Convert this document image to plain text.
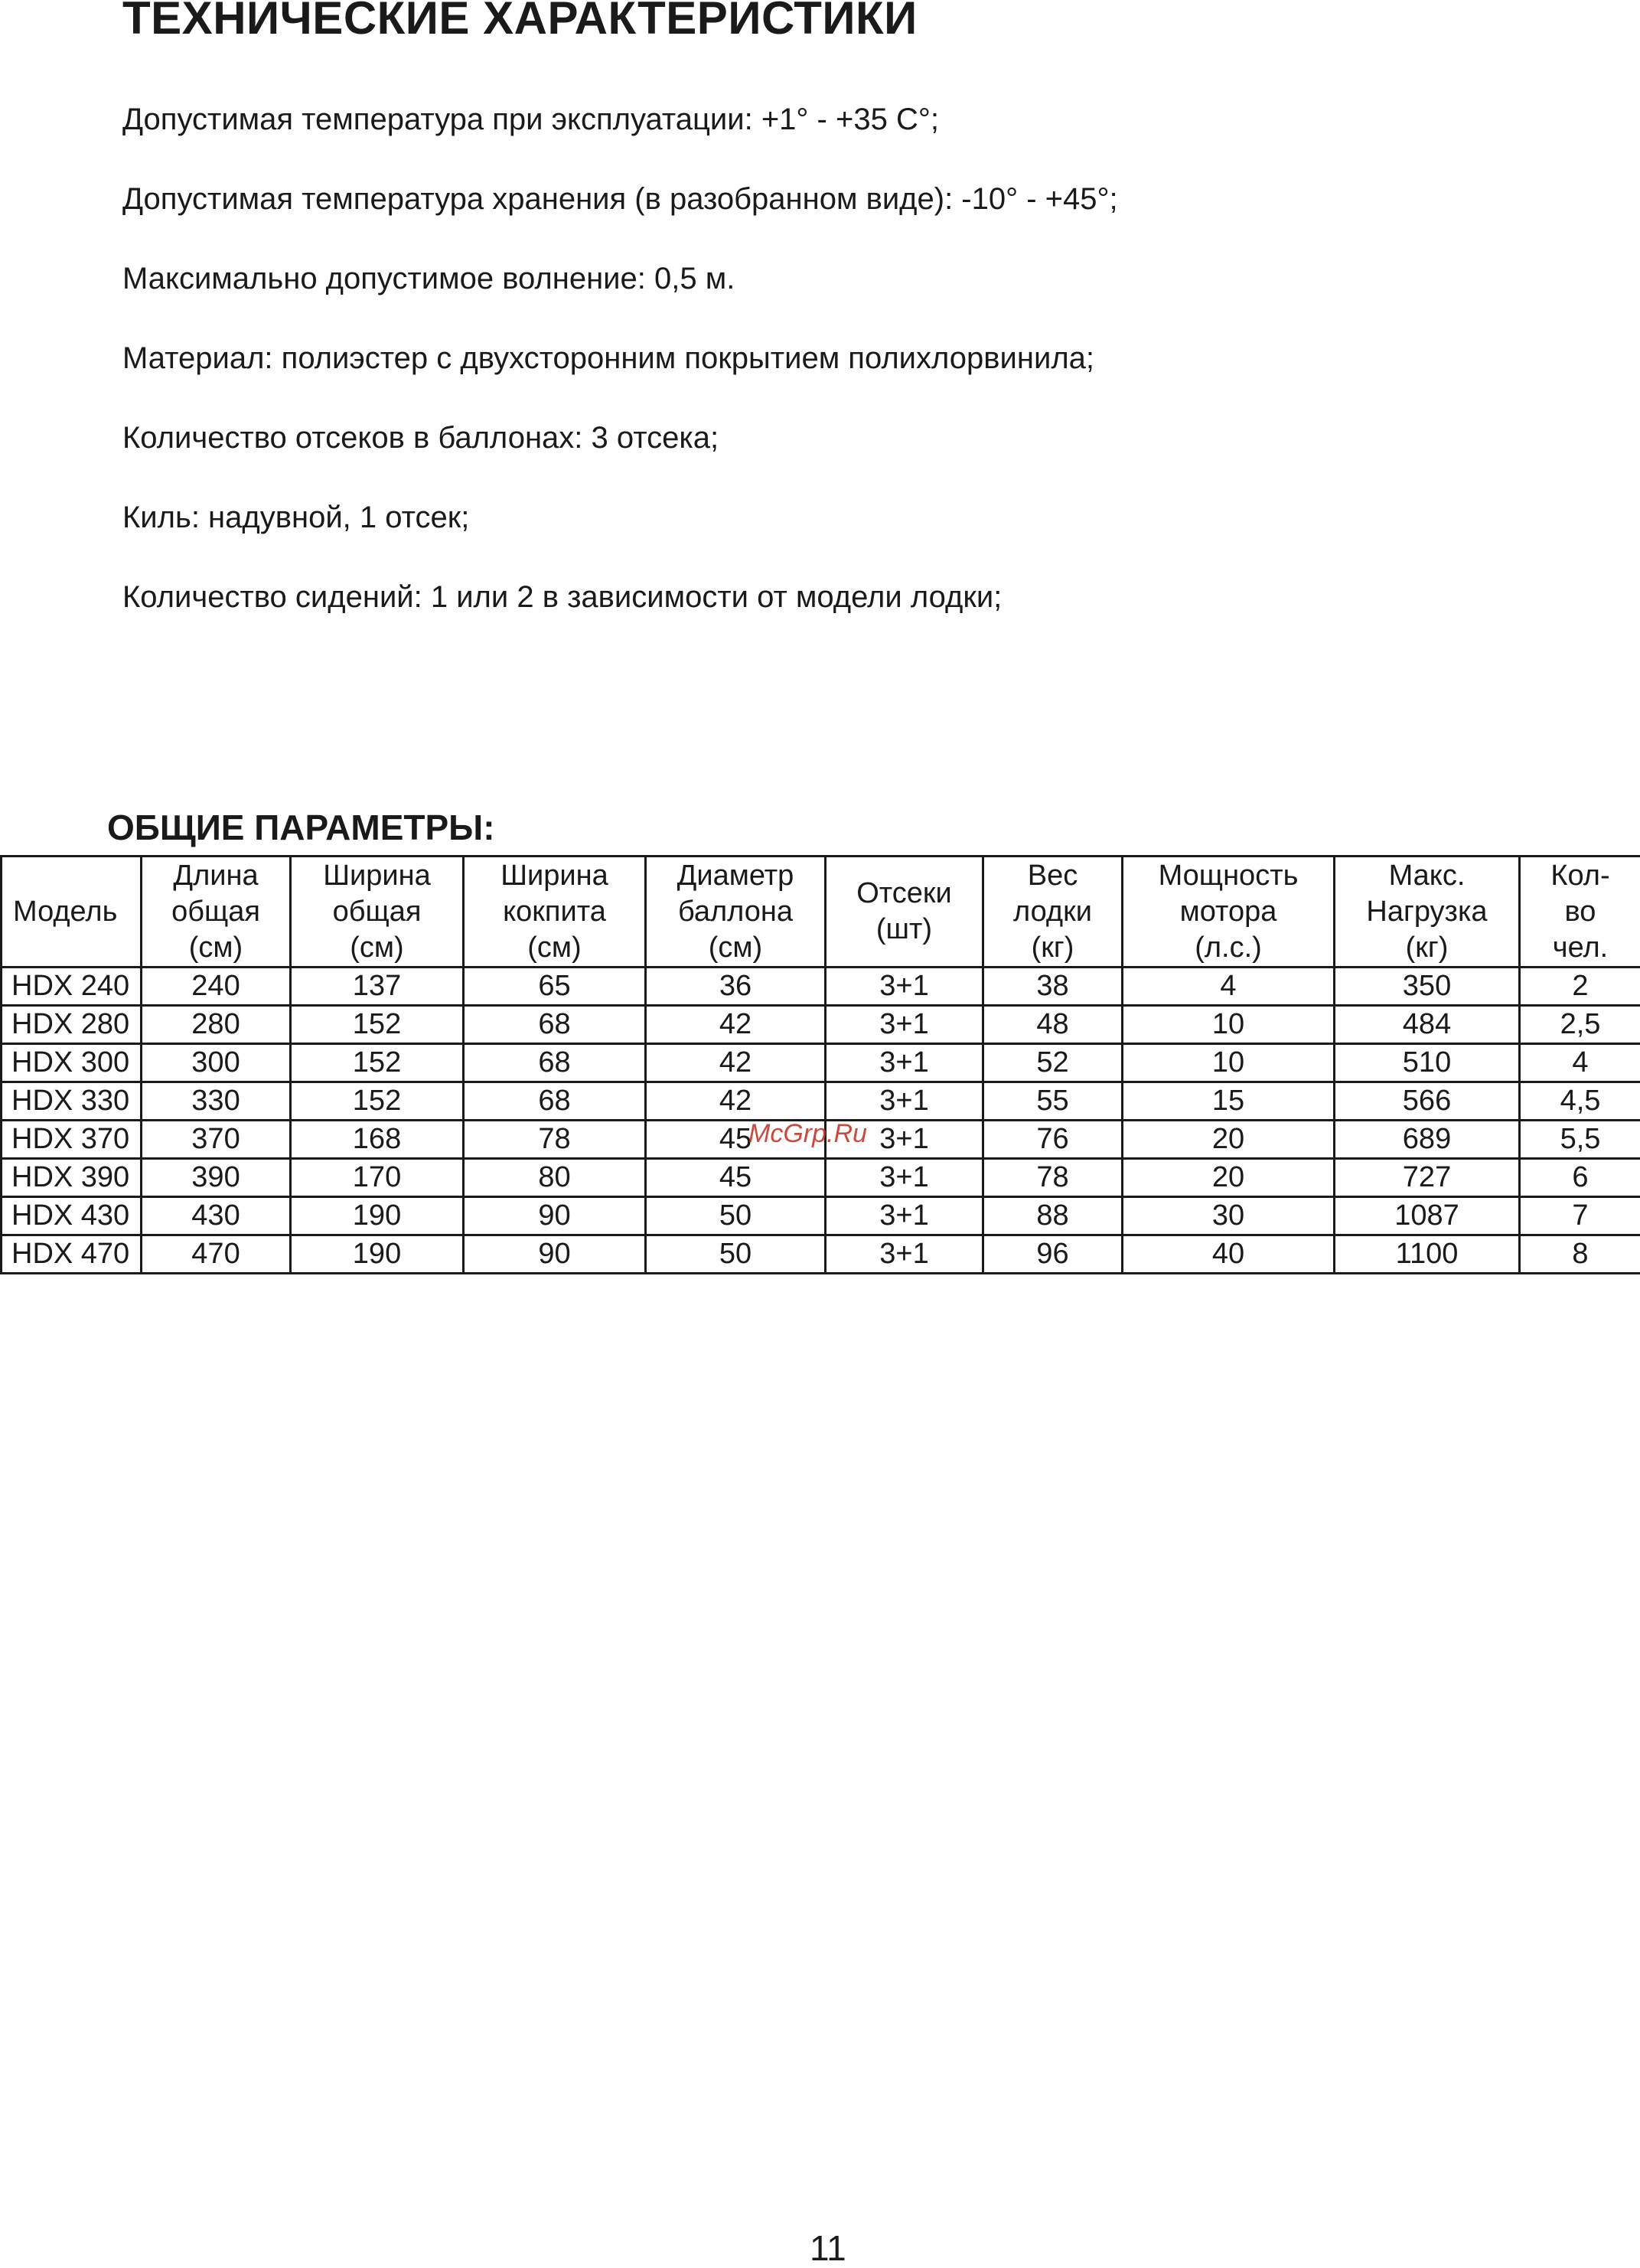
ТЕХНИЧЕСКИЕ ХАРАКТЕРИСТИКИ
Допустимая температура при эксплуатации: +1° - +35 С°;
Допустимая температура хранения (в разобранном виде): -10° - +45°;
Максимально допустимое волнение: 0,5 м.
Материал: полиэстер с двухсторонним покрытием полихлорвинила;
Количество отсеков в баллонах: 3 отсека;
Киль: надувной, 1 отсек;
Количество сидений: 1 или 2 в зависимости от модели лодки;
ОБЩИЕ ПАРАМЕТРЫ:
Модель	Длина
общая
(см)	Ширина
общая
(см)	Ширина
кокпита
(см)	Диаметр
баллона
(см)	Отсеки
(шт)	Вес
лодки
(кг)	Мощность
мотора
(л.с.)	Макс.
Нагрузка
(кг)	Кол-
во
чел.
HDX 240	240	137	65	36	3+1	38	4	350	2
HDX 280	280	152	68	42	3+1	48	10	484	2,5
HDX 300	300	152	68	42	3+1	52	10	510	4
HDX 330	330	152	68	42	3+1	55	15	566	4,5
HDX 370	370	168	78	45	3+1	76	20	689	5,5
HDX 390	390	170	80	45	3+1	78	20	727	6
HDX 430	430	190	90	50	3+1	88	30	1087	7
HDX 470	470	190	90	50	3+1	96	40	1100	8
McGrp.Ru
11
